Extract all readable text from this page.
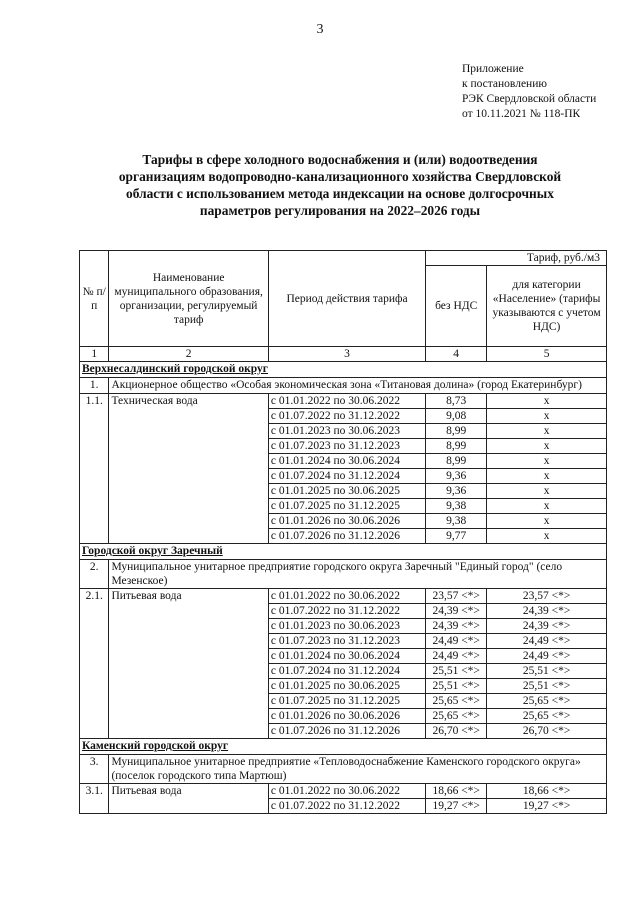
3
Приложение
к постановлению
РЭК Свердловской области
от 10.11.2021 № 118-ПК
Тарифы в сфере холодного водоснабжения и (или) водоотведения
организациям водопроводно-канализационного хозяйства Свердловской
области с использованием метода индексации на основе долгосрочных
параметров регулирования на 2022–2026 годы
№ п/п	Наименование муниципального образования, организации, регулируемый тариф	Период действия тарифа	Тариф, руб./м3	
			без НДС	для категории «Население» (тарифы указываются с учетом НДС)
1	2	3	4	5
Верхнесалдинский городской округ				
1.	Акционерное общество «Особая экономическая зона «Титановая долина» (город Екатеринбург)			
1.1.	Техническая вода	с 01.01.2022 по 30.06.2022	8,73	х
		с 01.07.2022 по 31.12.2022	9,08	х
		с 01.01.2023 по 30.06.2023	8,99	х
		с 01.07.2023 по 31.12.2023	8,99	х
		с 01.01.2024 по 30.06.2024	8,99	х
		с 01.07.2024 по 31.12.2024	9,36	х
		с 01.01.2025 по 30.06.2025	9,36	х
		с 01.07.2025 по 31.12.2025	9,38	х
		с 01.01.2026 по 30.06.2026	9,38	х
		с 01.07.2026 по 31.12.2026	9,77	х
Городской округ Заречный				
2.	Муниципальное унитарное предприятие городского округа Заречный "Единый город" (село Мезенское)			
2.1.	Питьевая вода	с 01.01.2022 по 30.06.2022	23,57 <*>	23,57 <*>
		с 01.07.2022 по 31.12.2022	24,39 <*>	24,39 <*>
		с 01.01.2023 по 30.06.2023	24,39 <*>	24,39 <*>
		с 01.07.2023 по 31.12.2023	24,49 <*>	24,49 <*>
		с 01.01.2024 по 30.06.2024	24,49 <*>	24,49 <*>
		с 01.07.2024 по 31.12.2024	25,51 <*>	25,51 <*>
		с 01.01.2025 по 30.06.2025	25,51 <*>	25,51 <*>
		с 01.07.2025 по 31.12.2025	25,65 <*>	25,65 <*>
		с 01.01.2026 по 30.06.2026	25,65 <*>	25,65 <*>
		с 01.07.2026 по 31.12.2026	26,70 <*>	26,70 <*>
Каменский городской округ				
3.	Муниципальное унитарное предприятие «Тепловодоснабжение Каменского городского округа» (поселок городского типа Мартюш)			
3.1.	Питьевая вода	с 01.01.2022 по 30.06.2022	18,66 <*>	18,66 <*>
		с 01.07.2022 по 31.12.2022	19,27 <*>	19,27 <*>
